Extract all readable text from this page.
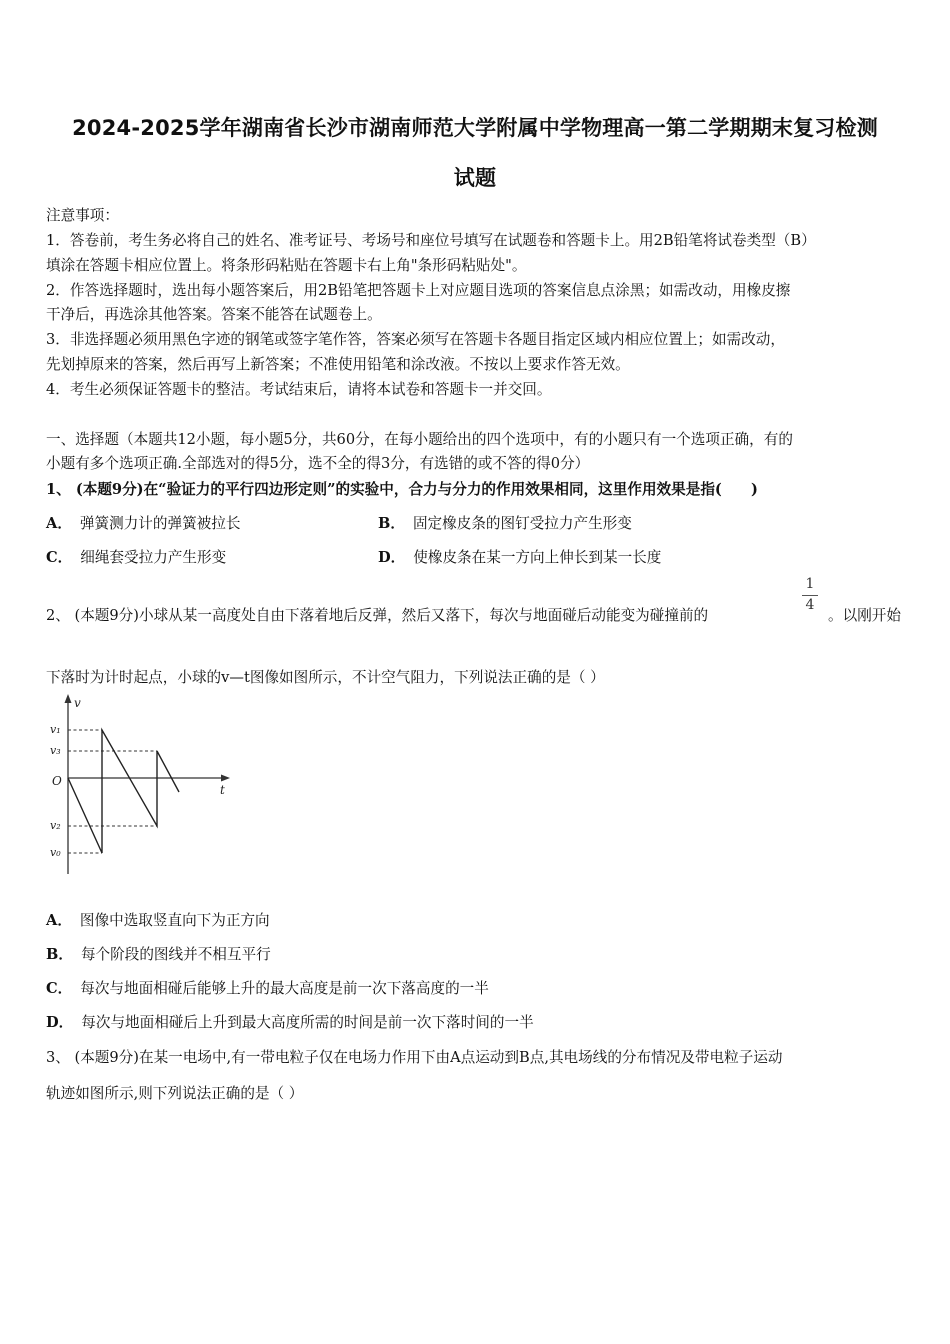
2024-2025学年湖南省长沙市湖南师范大学附属中学物理高一第二学期期末复习检测
试题
注意事项：
1．答卷前，考生务必将自己的姓名、准考证号、考场号和座位号填写在试题卷和答题卡上。用2B铅笔将试卷类型（B）
填涂在答题卡相应位置上。将条形码粘贴在答题卡右上角"条形码粘贴处"。
2．作答选择题时，选出每小题答案后，用2B铅笔把答题卡上对应题目选项的答案信息点涂黑；如需改动，用橡皮擦
干净后，再选涂其他答案。答案不能答在试题卷上。
3．非选择题必须用黑色字迹的钢笔或签字笔作答，答案必须写在答题卡各题目指定区域内相应位置上；如需改动，
先划掉原来的答案，然后再写上新答案；不准使用铅笔和涂改液。不按以上要求作答无效。
4．考生必须保证答题卡的整洁。考试结束后，请将本试卷和答题卡一并交回。
一、选择题（本题共12小题，每小题5分，共60分，在每小题给出的四个选项中，有的小题只有一个选项正确，有的
小题有多个选项正确.全部选对的得5分，选不全的得3分，有选错的或不答的得0分）
1、 (本题9分)在“验证力的平行四边形定则”的实验中，合力与分力的作用效果相同，这里作用效果是指(　　)
A． 弹簧测力计的弹簧被拉长	B． 固定橡皮条的图钉受拉力产生形变
C． 细绳套受拉力产生形变	D． 使橡皮条在某一方向上伸长到某一长度
2、 (本题9分)小球从某一高度处自由下落着地后反弹，然后又落下，每次与地面碰后动能变为碰撞前的
1
4
。以刚开始
下落时为计时起点，小球的v—t图像如图所示，不计空气阻力，下列说法正确的是（ ）
v
t
O
v₁
v₃
v₂
v₀
A． 图像中选取竖直向下为正方向
B． 每个阶段的图线并不相互平行
C． 每次与地面相碰后能够上升的最大高度是前一次下落高度的一半
D． 每次与地面相碰后上升到最大高度所需的时间是前一次下落时间的一半
3、 (本题9分)在某一电场中,有一带电粒子仅在电场力作用下由A点运动到B点,其电场线的分布情况及带电粒子运动
轨迹如图所示,则下列说法正确的是（ ）
